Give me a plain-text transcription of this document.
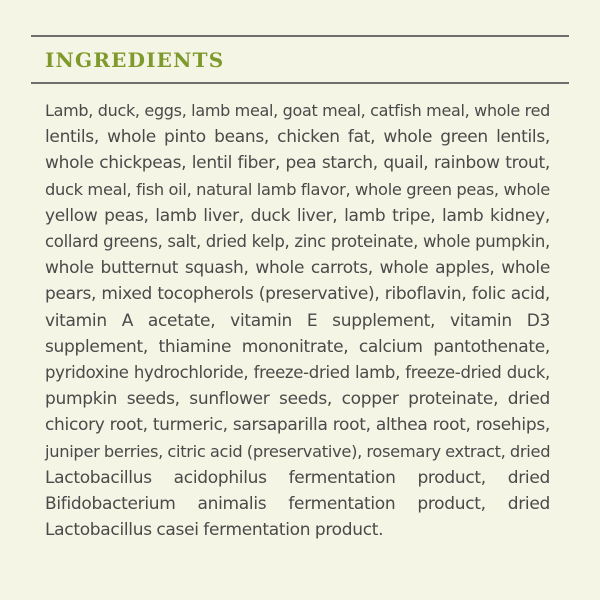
INGREDIENTS

Lamb, duck, eggs, lamb meal, goat meal, catfish meal, whole red
lentils, whole pinto beans, chicken fat, whole green lentils,
whole chickpeas, lentil fiber, pea starch, quail, rainbow trout,
duck meal, fish oil, natural lamb flavor, whole green peas, whole
yellow peas, lamb liver, duck liver, lamb tripe, lamb kidney,
collard greens, salt, dried kelp, zinc proteinate, whole pumpkin,
whole butternut squash, whole carrots, whole apples, whole
pears, mixed tocopherols (preservative), riboflavin, folic acid,
vitamin A acetate, vitamin E supplement, vitamin D3
supplement, thiamine mononitrate, calcium pantothenate,
pyridoxine hydrochloride, freeze-dried lamb, freeze-dried duck,
pumpkin seeds, sunflower seeds, copper proteinate, dried
chicory root, turmeric, sarsaparilla root, althea root, rosehips,
juniper berries, citric acid (preservative), rosemary extract, dried
Lactobacillus acidophilus fermentation product, dried
Bifidobacterium animalis fermentation product, dried
Lactobacillus casei fermentation product.
